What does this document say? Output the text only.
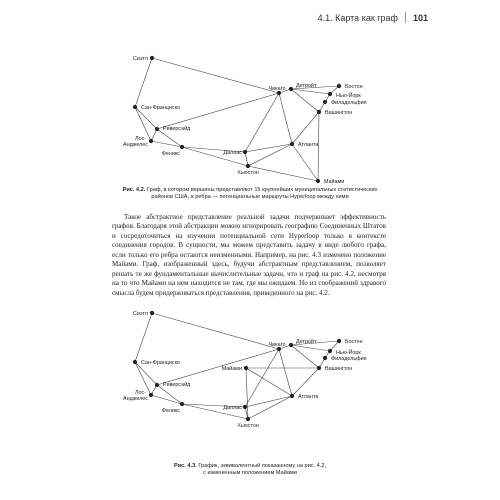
4.1. Карта как граф 101
Сиэтл
Сан-Франциско
Лос-
Анджелес
Риверсайд
Феникс
Чикаго	Бостон
Нью-Йорк
Атланта
Майами
Даллас
Хьюстон
Детройт
Филадельфия
Вашингтон
Рис. 4.2. Граф, в котором вершины представляют 15 крупнейших муниципальных статистических
районов США, а ребра — потенциальные маршруты Hyperloop между ними

Такое абстрактное представление реальной задачи подчеркивает эффективность графов. Благодаря этой абстракции можно игнорировать географию Соединенных Штатов и сосредоточиться на изучении потенциальной сети Hyperloop только в контексте соединения городов. В сущности, мы можем представить задачу в виде любого графа, если только его ребра остаются неизменными. Например, на рис. 4.3 изменено положение Майами. Граф, изображенный здесь, будучи абстрактным представлением, позволяет решать те же фундаментальные вычислительные задачи, что и граф на рис. 4.2, несмотря на то что Майами на нем находится не там, где мы ожидаем. Но из соображений здравого смысла будем придерживаться представления, приведенного на рис. 4.2.

Сиэтл
Сан-Франциско
Лос-
Анджелес
Риверсайд
Феникс
Чикаго	Бостон
Нью-Йорк
Атланта
Майами
Даллас
Хьюстон
Детройт
Филадельфия
Вашингтон
Рис. 4.3. График, эквивалентный показанному на рис. 4.2,
с измененным положением Майами
